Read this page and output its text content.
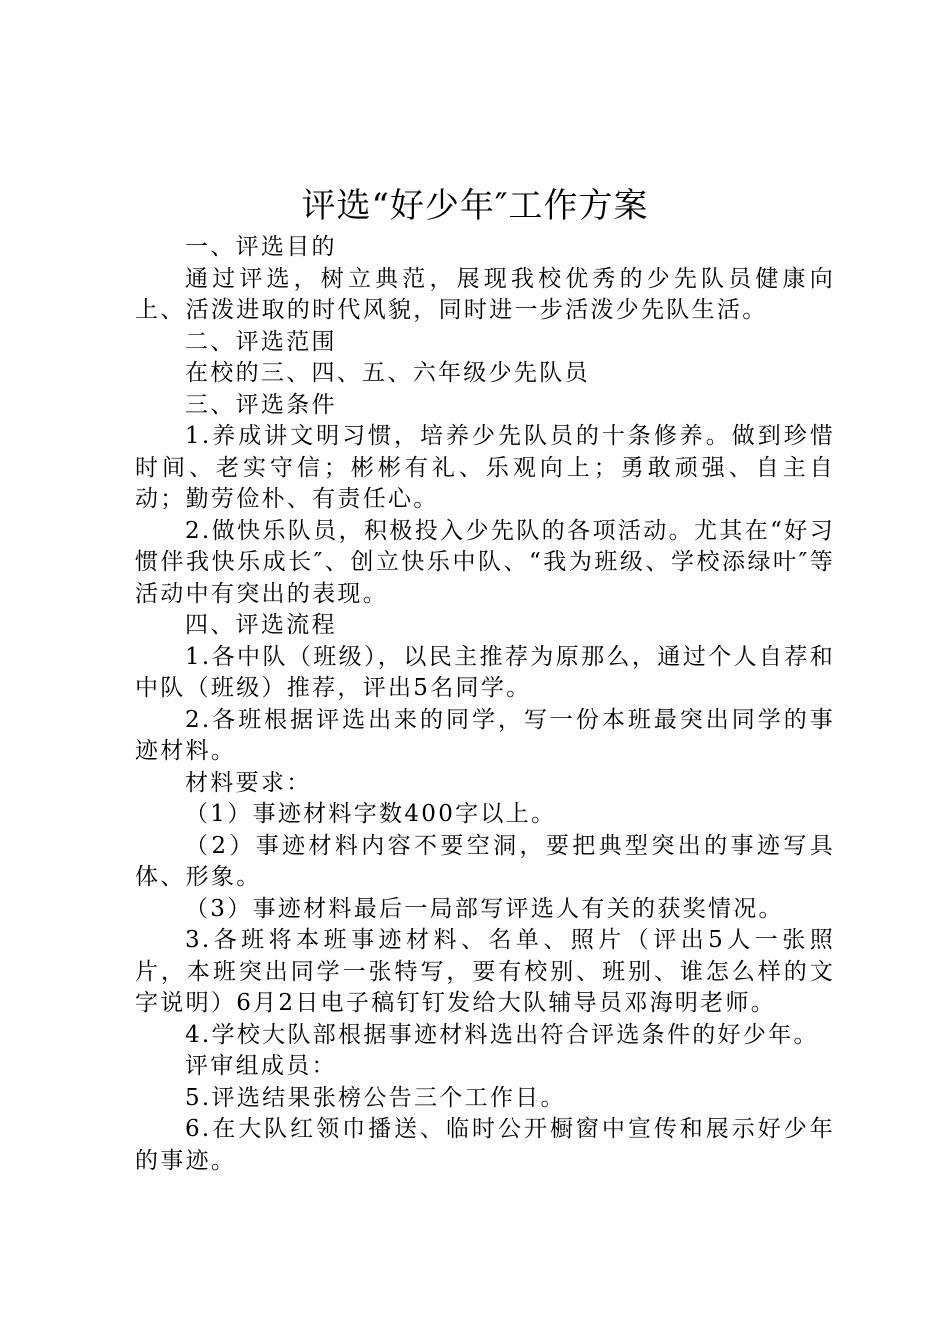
评选“好少年″工作方案

一、评选目的

通过评选，树立典范，展现我校优秀的少先队员健康向上、活泼进取的时代风貌，同时进一步活泼少先队生活。

二、评选范围

在校的三、四、五、六年级少先队员

三、评选条件

1.养成讲文明习惯，培养少先队员的十条修养。做到珍惜时间、老实守信；彬彬有礼、乐观向上；勇敢顽强、自主自动；勤劳俭朴、有责任心。

2.做快乐队员，积极投入少先队的各项活动。尤其在“好习惯伴我快乐成长″、创立快乐中队、“我为班级、学校添绿叶″等活动中有突出的表现。

四、评选流程

1.各中队（班级），以民主推荐为原那么，通过个人自荐和中队（班级）推荐，评出5名同学。

2.各班根据评选出来的同学，写一份本班最突出同学的事迹材料。

材料要求：

（1）事迹材料字数400字以上。

（2）事迹材料内容不要空洞，要把典型突出的事迹写具体、形象。

（3）事迹材料最后一局部写评选人有关的获奖情况。

3.各班将本班事迹材料、名单、照片（评出5人一张照片，本班突出同学一张特写，要有校别、班别、谁怎么样的文字说明）6月2日电子稿钉钉发给大队辅导员邓海明老师。

4.学校大队部根据事迹材料选出符合评选条件的好少年。

评审组成员：

5.评选结果张榜公告三个工作日。

6.在大队红领巾播送、临时公开橱窗中宣传和展示好少年的事迹。
